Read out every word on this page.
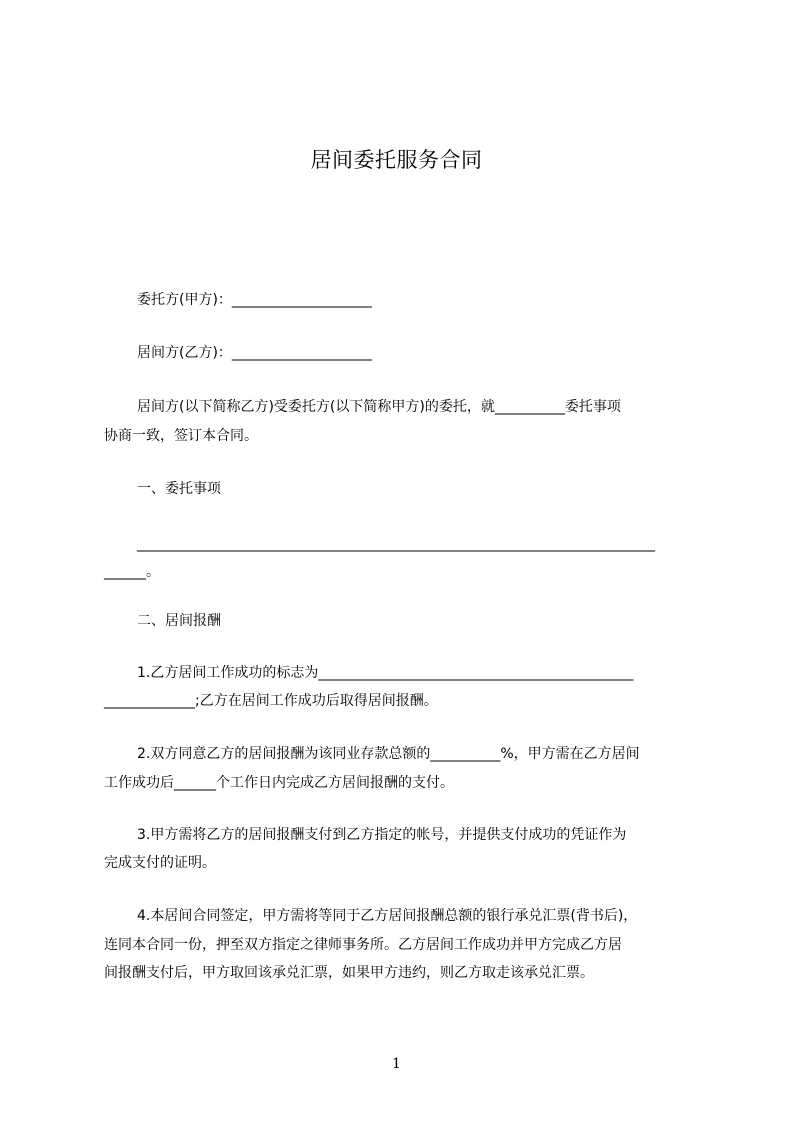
居间委托服务合同
委托方(甲方)：____________________
居间方(乙方)：____________________
居间方(以下简称乙方)受委托方(以下简称甲方)的委托，就__________委托事项
协商一致，签订本合同。
一、委托事项
__________________________________________________________________________
______。
二、居间报酬
1.乙方居间工作成功的标志为_____________________________________________
_____________;乙方在居间工作成功后取得居间报酬。
2.双方同意乙方的居间报酬为该同业存款总额的__________%，甲方需在乙方居间
工作成功后______个工作日内完成乙方居间报酬的支付。
3.甲方需将乙方的居间报酬支付到乙方指定的帐号，并提供支付成功的凭证作为
完成支付的证明。
4.本居间合同签定，甲方需将等同于乙方居间报酬总额的银行承兑汇票(背书后)，
连同本合同一份，押至双方指定之律师事务所。乙方居间工作成功并甲方完成乙方居
间报酬支付后，甲方取回该承兑汇票，如果甲方违约，则乙方取走该承兑汇票。
1
